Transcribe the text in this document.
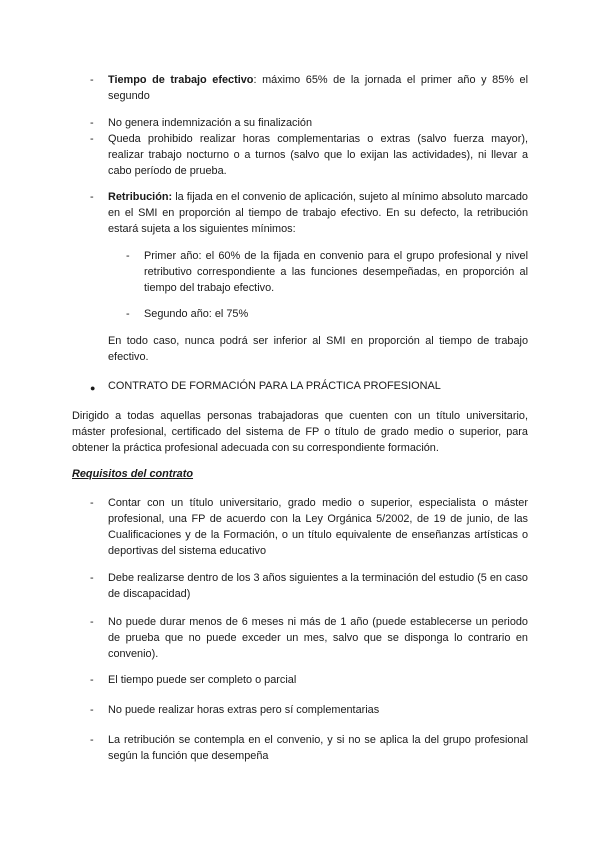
-	Tiempo de trabajo efectivo: máximo 65% de la jornada el primer año y 85% el segundo
-	No genera indemnización a su finalización
-	Queda prohibido realizar horas complementarias o extras (salvo fuerza mayor), realizar trabajo nocturno o a turnos (salvo que lo exijan las actividades), ni llevar a cabo período de prueba.
-	Retribución: la fijada en el convenio de aplicación, sujeto al mínimo absoluto marcado en el SMI en proporción al tiempo de trabajo efectivo. En su defecto, la retribución estará sujeta a los siguientes mínimos:
-	Primer año: el 60% de la fijada en convenio para el grupo profesional y nivel retributivo correspondiente a las funciones desempeñadas, en proporción al tiempo del trabajo efectivo.
-	Segundo año: el 75%
En todo caso, nunca podrá ser inferior al SMI en proporción al tiempo de trabajo efectivo.
● CONTRATO DE FORMACIÓN PARA LA PRÁCTICA PROFESIONAL
Dirigido a todas aquellas personas trabajadoras que cuenten con un título universitario, máster profesional, certificado del sistema de FP o título de grado medio o superior, para obtener la práctica profesional adecuada con su correspondiente formación.
Requisitos del contrato
-	Contar con un título universitario, grado medio o superior, especialista o máster profesional, una FP de acuerdo con la Ley Orgánica 5/2002, de 19 de junio, de las Cualificaciones y de la Formación, o un título equivalente de enseñanzas artísticas o deportivas del sistema educativo
-	Debe realizarse dentro de los 3 años siguientes a la terminación del estudio (5 en caso de discapacidad)
-	No puede durar menos de 6 meses ni más de 1 año (puede establecerse un periodo de prueba que no puede exceder un mes, salvo que se disponga lo contrario en convenio).
-	El tiempo puede ser completo o parcial
-	No puede realizar horas extras pero sí complementarias
-	La retribución se contempla en el convenio, y si no se aplica la del grupo profesional según la función que desempeña
